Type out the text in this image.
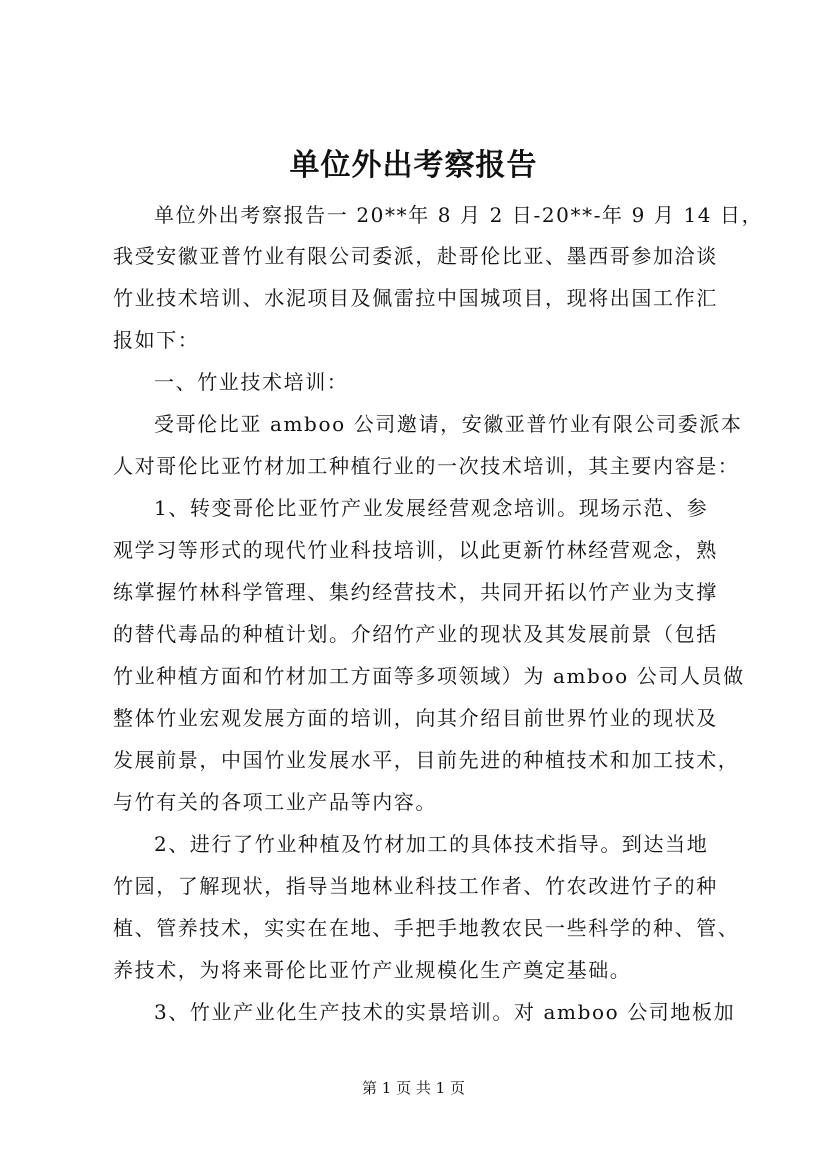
单位外出考察报告
单位外出考察报告一 20**年 8 月 2 日-20**-年 9 月 14 日，
我受安徽亚普竹业有限公司委派，赴哥伦比亚、墨西哥参加洽谈
竹业技术培训、水泥项目及佩雷拉中国城项目，现将出国工作汇
报如下：
一、竹业技术培训：
受哥伦比亚 amboo 公司邀请，安徽亚普竹业有限公司委派本
人对哥伦比亚竹材加工种植行业的一次技术培训，其主要内容是：
1、转变哥伦比亚竹产业发展经营观念培训。现场示范、参
观学习等形式的现代竹业科技培训，以此更新竹林经营观念，熟
练掌握竹林科学管理、集约经营技术，共同开拓以竹产业为支撑
的替代毒品的种植计划。介绍竹产业的现状及其发展前景（包括
竹业种植方面和竹材加工方面等多项领域）为 amboo 公司人员做
整体竹业宏观发展方面的培训，向其介绍目前世界竹业的现状及
发展前景，中国竹业发展水平，目前先进的种植技术和加工技术，
与竹有关的各项工业产品等内容。
2、进行了竹业种植及竹材加工的具体技术指导。到达当地
竹园，了解现状，指导当地林业科技工作者、竹农改进竹子的种
植、管养技术，实实在在地、手把手地教农民一些科学的种、管、
养技术，为将来哥伦比亚竹产业规模化生产奠定基础。
3、竹业产业化生产技术的实景培训。对 amboo 公司地板加
第 1 页 共 1 页
